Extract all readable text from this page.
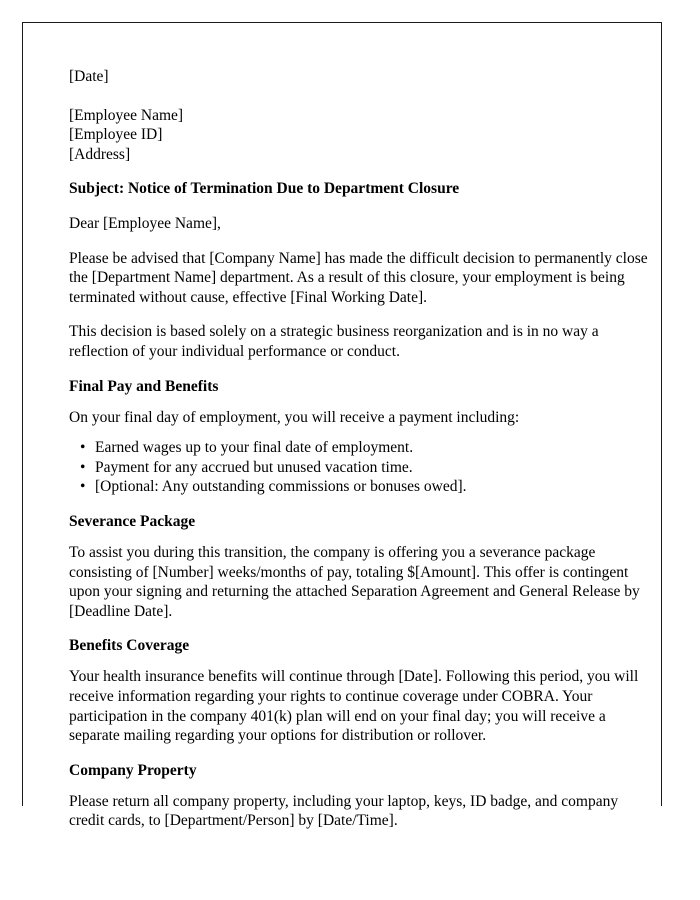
[Date]
[Employee Name]
[Employee ID]
[Address]
Subject: Notice of Termination Due to Department Closure
Dear [Employee Name],
Please be advised that [Company Name] has made the difficult decision to permanently close the [Department Name] department. As a result of this closure, your employment is being terminated without cause, effective [Final Working Date].
This decision is based solely on a strategic business reorganization and is in no way a reflection of your individual performance or conduct.
Final Pay and Benefits
On your final day of employment, you will receive a payment including:
• Earned wages up to your final date of employment.
• Payment for any accrued but unused vacation time.
• [Optional: Any outstanding commissions or bonuses owed].
Severance Package
To assist you during this transition, the company is offering you a severance package consisting of [Number] weeks/months of pay, totaling $[Amount]. This offer is contingent upon your signing and returning the attached Separation Agreement and General Release by [Deadline Date].
Benefits Coverage
Your health insurance benefits will continue through [Date]. Following this period, you will receive information regarding your rights to continue coverage under COBRA. Your participation in the company 401(k) plan will end on your final day; you will receive a separate mailing regarding your options for distribution or rollover.
Company Property
Please return all company property, including your laptop, keys, ID badge, and company credit cards, to [Department/Person] by [Date/Time].
